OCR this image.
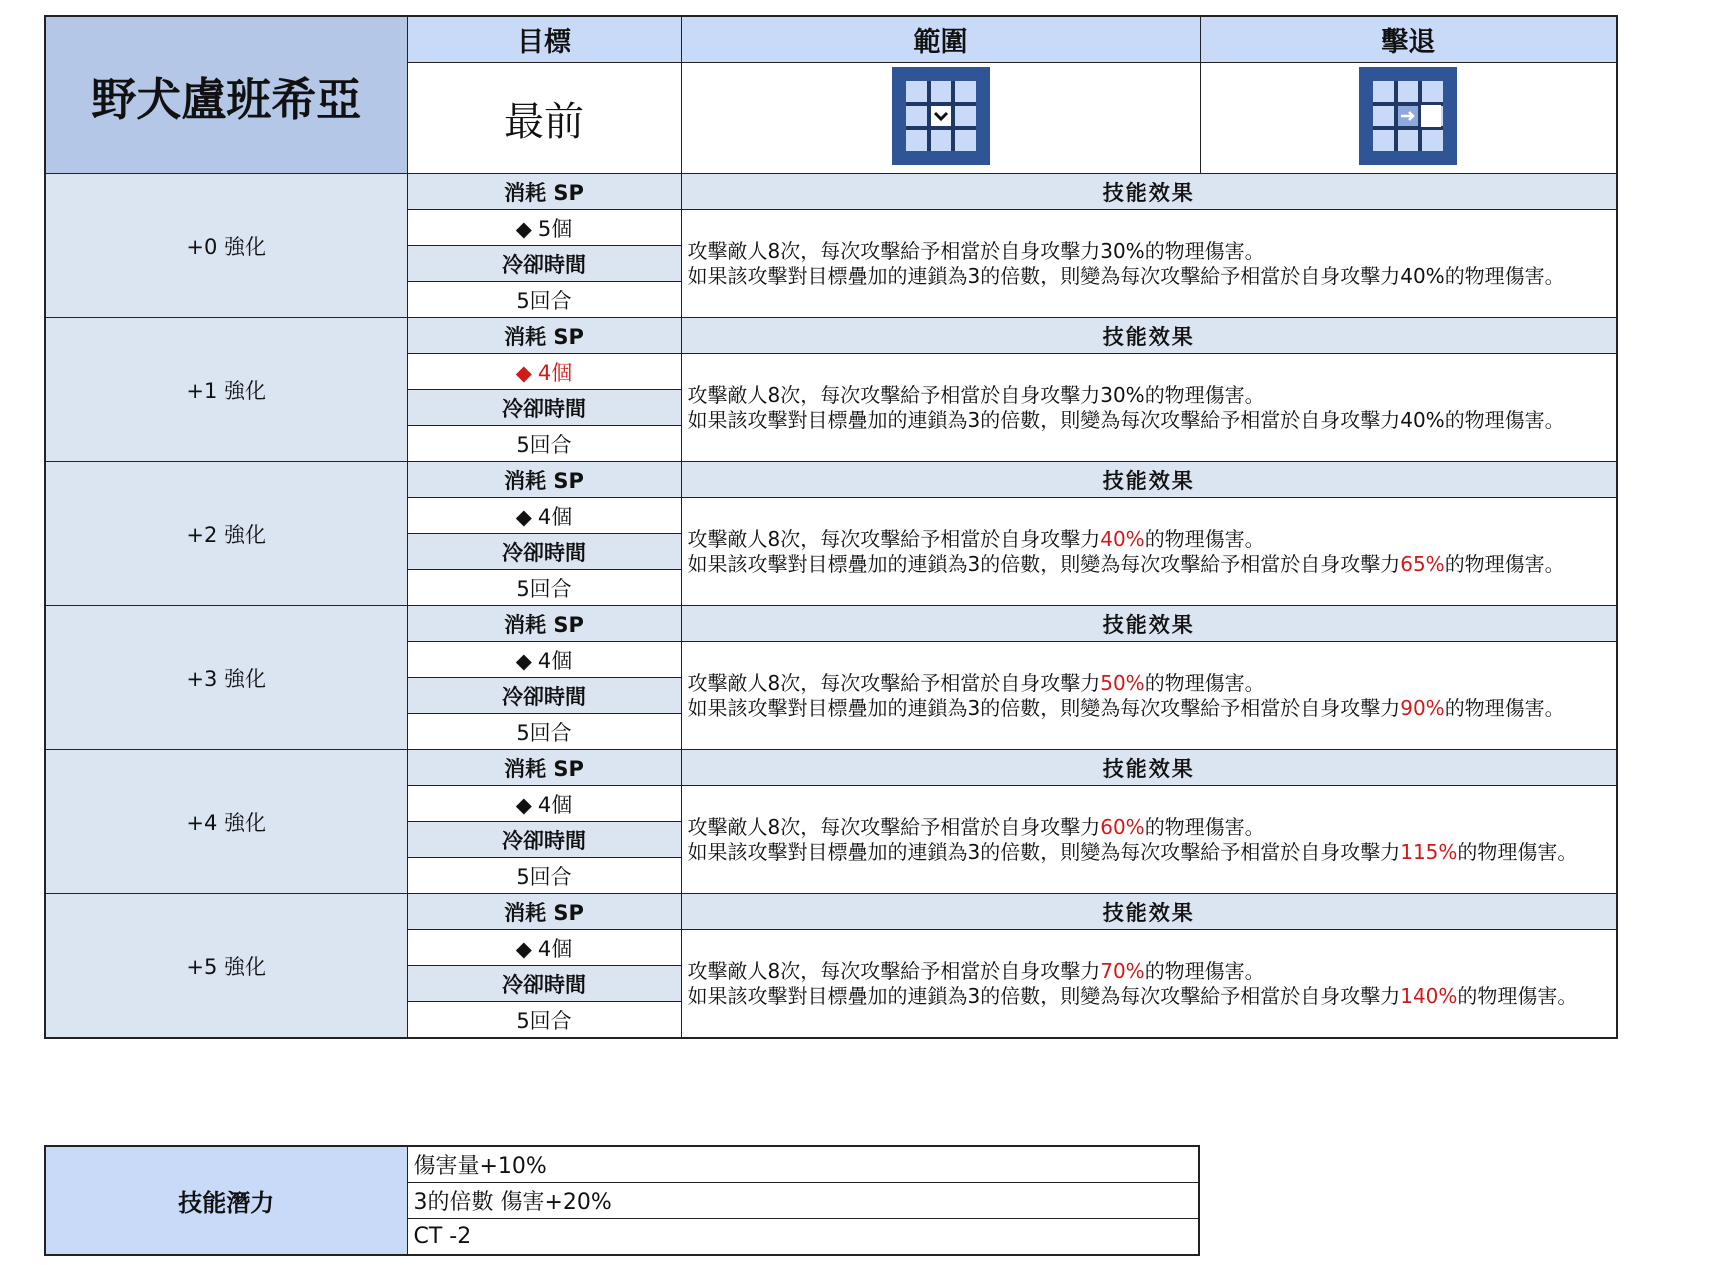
野犬盧班希亞	目標	範圍	擊退
	最前		
+0 強化	消耗 SP	技能效果	
	◆ 5個	攻擊敵人8次，每次攻擊給予相當於自身攻擊力30%的物理傷害。
如果該攻擊對目標疊加的連鎖為3的倍數，則變為每次攻擊給予相當於自身攻擊力40%的物理傷害。	

	冷卻時間		
	5回合		
+1 強化	消耗 SP	技能效果	
	◆ 4個	攻擊敵人8次，每次攻擊給予相當於自身攻擊力30%的物理傷害。
如果該攻擊對目標疊加的連鎖為3的倍數，則變為每次攻擊給予相當於自身攻擊力40%的物理傷害。	

	冷卻時間		
	5回合		
+2 強化	消耗 SP	技能效果	
	◆ 4個	攻擊敵人8次，每次攻擊給予相當於自身攻擊力40%的物理傷害。
如果該攻擊對目標疊加的連鎖為3的倍數，則變為每次攻擊給予相當於自身攻擊力65%的物理傷害。	

	冷卻時間		
	5回合		
+3 強化	消耗 SP	技能效果	
	◆ 4個	攻擊敵人8次，每次攻擊給予相當於自身攻擊力50%的物理傷害。
如果該攻擊對目標疊加的連鎖為3的倍數，則變為每次攻擊給予相當於自身攻擊力90%的物理傷害。	

	冷卻時間		
	5回合		
+4 強化	消耗 SP	技能效果	
	◆ 4個	攻擊敵人8次，每次攻擊給予相當於自身攻擊力60%的物理傷害。
如果該攻擊對目標疊加的連鎖為3的倍數，則變為每次攻擊給予相當於自身攻擊力115%的物理傷害。	

	冷卻時間		
	5回合		
+5 強化	消耗 SP	技能效果	
	◆ 4個	攻擊敵人8次，每次攻擊給予相當於自身攻擊力70%的物理傷害。
如果該攻擊對目標疊加的連鎖為3的倍數，則變為每次攻擊給予相當於自身攻擊力140%的物理傷害。	

	冷卻時間		
	5回合		
技能潛力	傷害量+10%
3的倍數 傷害+20%
CT -2
